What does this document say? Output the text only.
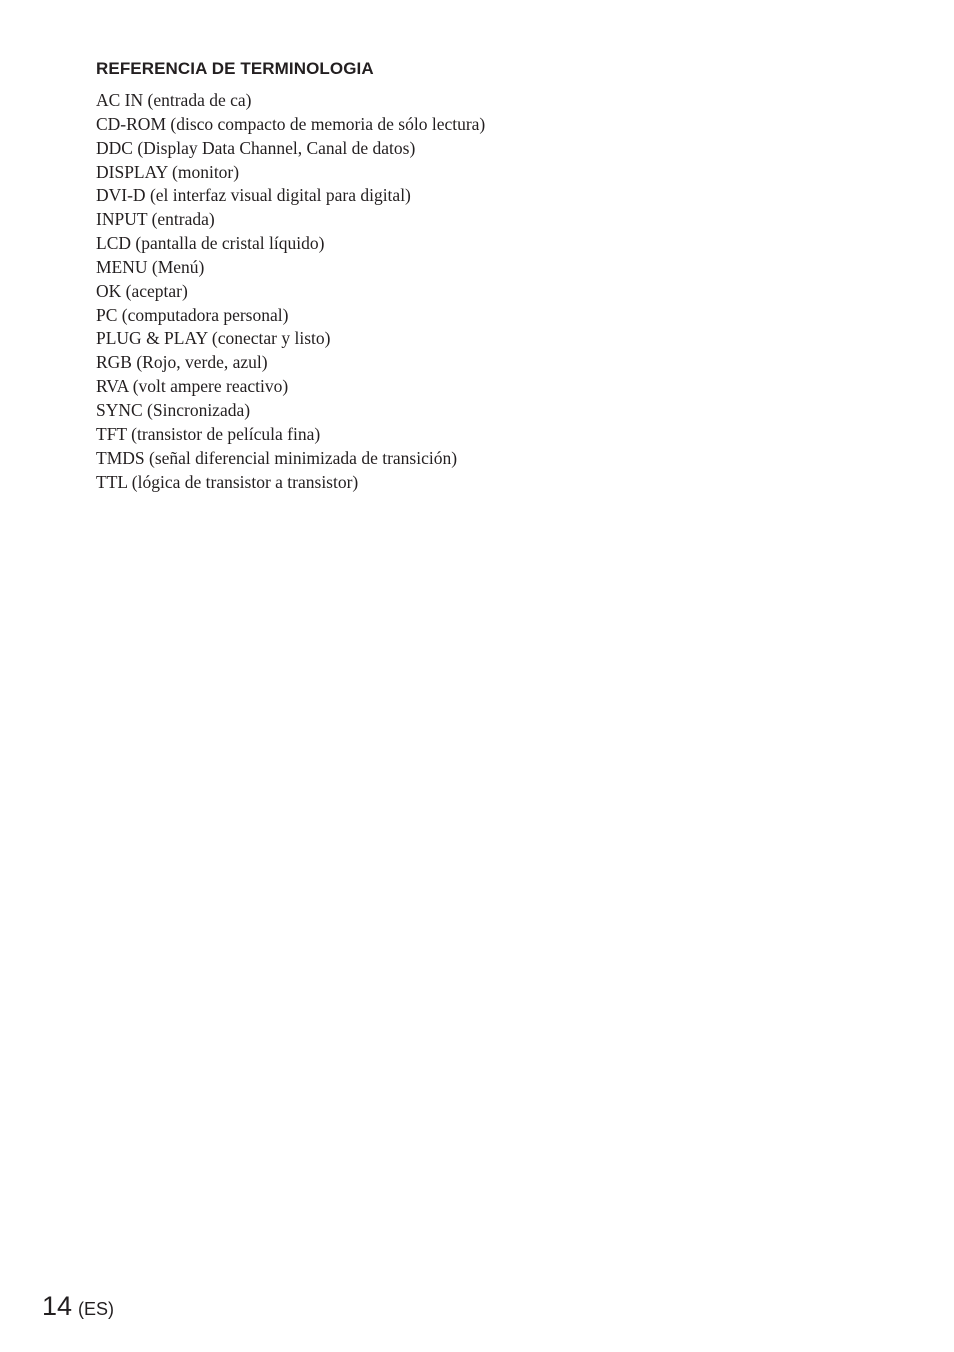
REFERENCIA DE TERMINOLOGIA
AC IN (entrada de ca)
CD-ROM (disco compacto de memoria de sólo lectura)
DDC (Display Data Channel, Canal de datos)
DISPLAY (monitor)
DVI-D (el interfaz visual digital para digital)
INPUT (entrada)
LCD (pantalla de cristal líquido)
MENU (Menú)
OK (aceptar)
PC (computadora personal)
PLUG & PLAY (conectar y listo)
RGB (Rojo, verde, azul)
RVA (volt ampere reactivo)
SYNC (Sincronizada)
TFT (transistor de película fina)
TMDS (señal diferencial minimizada de transición)
TTL (lógica de transistor a transistor)
14 (ES)
